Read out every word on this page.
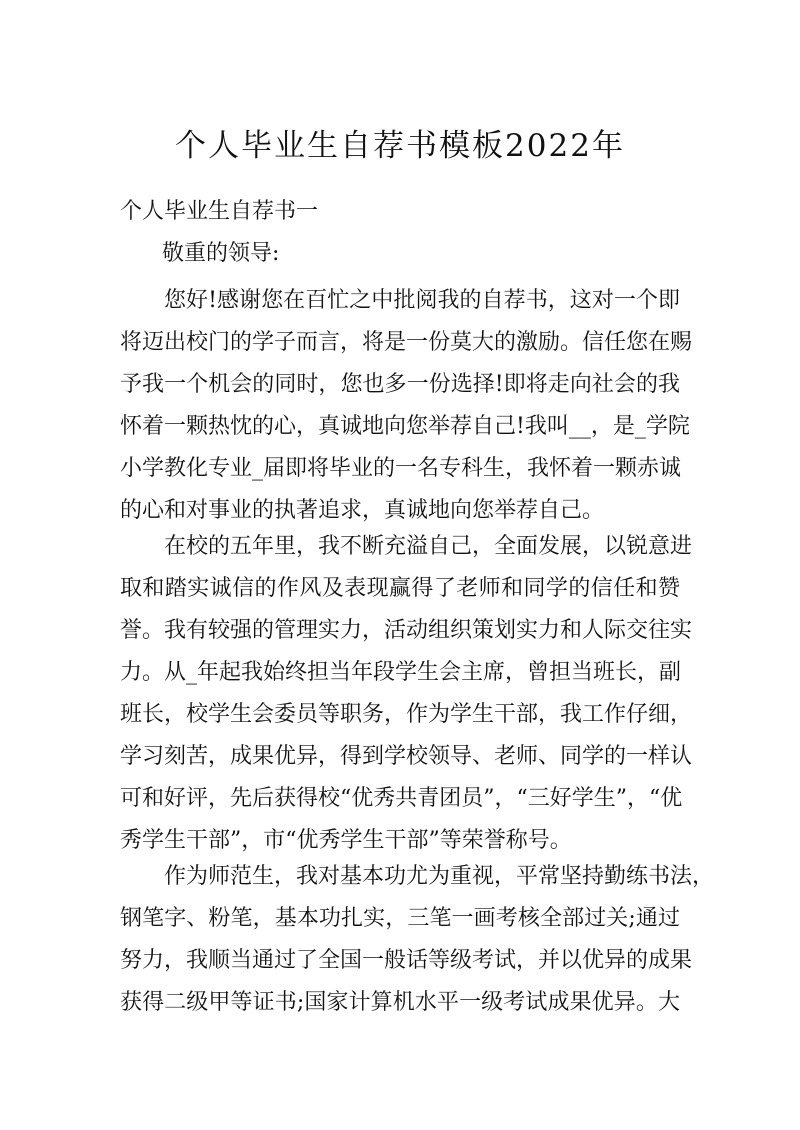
个人毕业生自荐书模板2022年
个人毕业生自荐书一
敬重的领导:
您好!感谢您在百忙之中批阅我的自荐书，这对一个即
将迈出校门的学子而言，将是一份莫大的激励。信任您在赐
予我一个机会的同时，您也多一份选择!即将走向社会的我
怀着一颗热忱的心，真诚地向您举荐自己!我叫__，是_学院
小学教化专业_届即将毕业的一名专科生，我怀着一颗赤诚
的心和对事业的执著追求，真诚地向您举荐自己。
在校的五年里，我不断充溢自己，全面发展，以锐意进
取和踏实诚信的作风及表现赢得了老师和同学的信任和赞
誉。我有较强的管理实力，活动组织策划实力和人际交往实
力。从_年起我始终担当年段学生会主席，曾担当班长，副
班长，校学生会委员等职务，作为学生干部，我工作仔细，
学习刻苦，成果优异，得到学校领导、老师、同学的一样认
可和好评，先后获得校“优秀共青团员”，“三好学生”，“优
秀学生干部”，市“优秀学生干部”等荣誉称号。
作为师范生，我对基本功尤为重视，平常坚持勤练书法，
钢笔字、粉笔，基本功扎实，三笔一画考核全部过关;通过
努力，我顺当通过了全国一般话等级考试，并以优异的成果
获得二级甲等证书;国家计算机水平一级考试成果优异。大
